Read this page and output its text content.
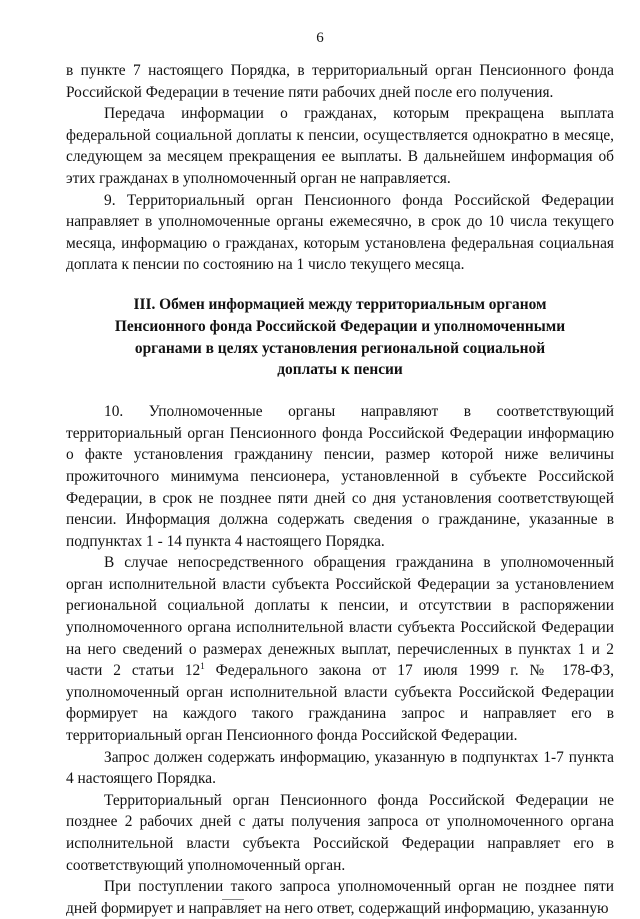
6

в пункте 7 настоящего Порядка, в территориальный орган Пенсионного фонда Российской Федерации в течение пяти рабочих дней после его получения.

Передача информации о гражданах, которым прекращена выплата федеральной социальной доплаты к пенсии, осуществляется однократно в месяце, следующем за месяцем прекращения ее выплаты. В дальнейшем информация об этих гражданах в уполномоченный орган не направляется.

9. Территориальный орган Пенсионного фонда Российской Федерации направляет в уполномоченные органы ежемесячно, в срок до 10 числа текущего месяца, информацию о гражданах, которым установлена федеральная социальная доплата к пенсии по состоянию на 1 число текущего месяца.

III. Обмен информацией между территориальным органом
Пенсионного фонда Российской Федерации и уполномоченными
органами в целях установления региональной социальной
доплаты к пенсии

10. Уполномоченные органы направляют в соответствующий территориальный орган Пенсионного фонда Российской Федерации информацию о факте установления гражданину пенсии, размер которой ниже величины прожиточного минимума пенсионера, установленной в субъекте Российской Федерации, в срок не позднее пяти дней со дня установления соответствующей пенсии. Информация должна содержать сведения о гражданине, указанные в подпунктах 1 - 14 пункта 4 настоящего Порядка.

В случае непосредственного обращения гражданина в уполномоченный орган исполнительной власти субъекта Российской Федерации за установлением региональной социальной доплаты к пенсии, и отсутствии в распоряжении уполномоченного органа исполнительной власти субъекта Российской Федерации на него сведений о размерах денежных выплат, перечисленных в пунктах 1 и 2 части 2 статьи $12^1$ Федерального закона от 17 июля 1999 г. № 178-ФЗ, уполномоченный орган исполнительной власти субъекта Российской Федерации формирует на каждого такого гражданина запрос и направляет его в территориальный орган Пенсионного фонда Российской Федерации.

Запрос должен содержать информацию, указанную в подпунктах 1-7 пункта 4 настоящего Порядка.

Территориальный орган Пенсионного фонда Российской Федерации не позднее 2 рабочих дней с даты получения запроса от уполномоченного органа исполнительной власти субъекта Российской Федерации направляет его в соответствующий уполномоченный орган.

При поступлении такого запроса уполномоченный орган не позднее пяти дней формирует и направляет на него ответ, содержащий информацию, указанную
